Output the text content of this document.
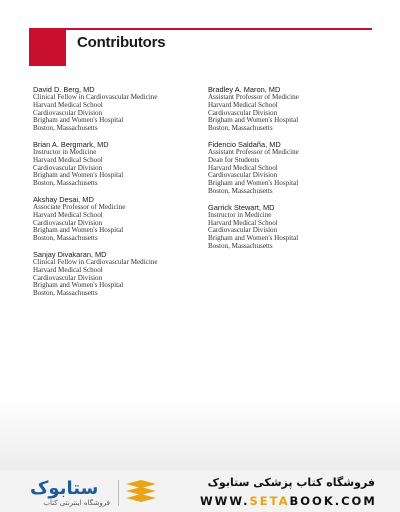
Contributors
David D. Berg, MD
Clinical Fellow in Cardiovascular Medicine
Harvard Medical School
Cardiovascular Division
Brigham and Women's Hospital
Boston, Massachusetts
Brian A. Bergmark, MD
Instructor in Medicine
Harvard Medical School
Cardiovascular Division
Brigham and Women's Hospital
Boston, Massachusetts
Akshay Desai, MD
Associate Professor of Medicine
Harvard Medical School
Cardiovascular Division
Brigham and Women's Hospital
Boston, Massachusetts
Sanjay Divakaran, MD
Clinical Fellow in Cardiovascular Medicine
Harvard Medical School
Cardiovascular Division
Brigham and Women's Hospital
Boston, Massachusetts
Bradley A. Maron, MD
Assistant Professor of Medicine
Harvard Medical School
Cardiovascular Division
Brigham and Women's Hospital
Boston, Massachusetts
Fidencio Saldaña, MD
Assistant Professor of Medicine
Dean for Students
Harvard Medical School
Cardiovascular Division
Brigham and Women's Hospital
Boston, Massachusetts
Garrick Stewart, MD
Instructor in Medicine
Harvard Medical School
Cardiovascular Division
Brigham and Women's Hospital
Boston, Massachusetts
ستابوک
فروشگاه اینترنتی کتاب
فروشگاه کتاب پزشکی ستابوک
WWW.SETABOOK.COM
